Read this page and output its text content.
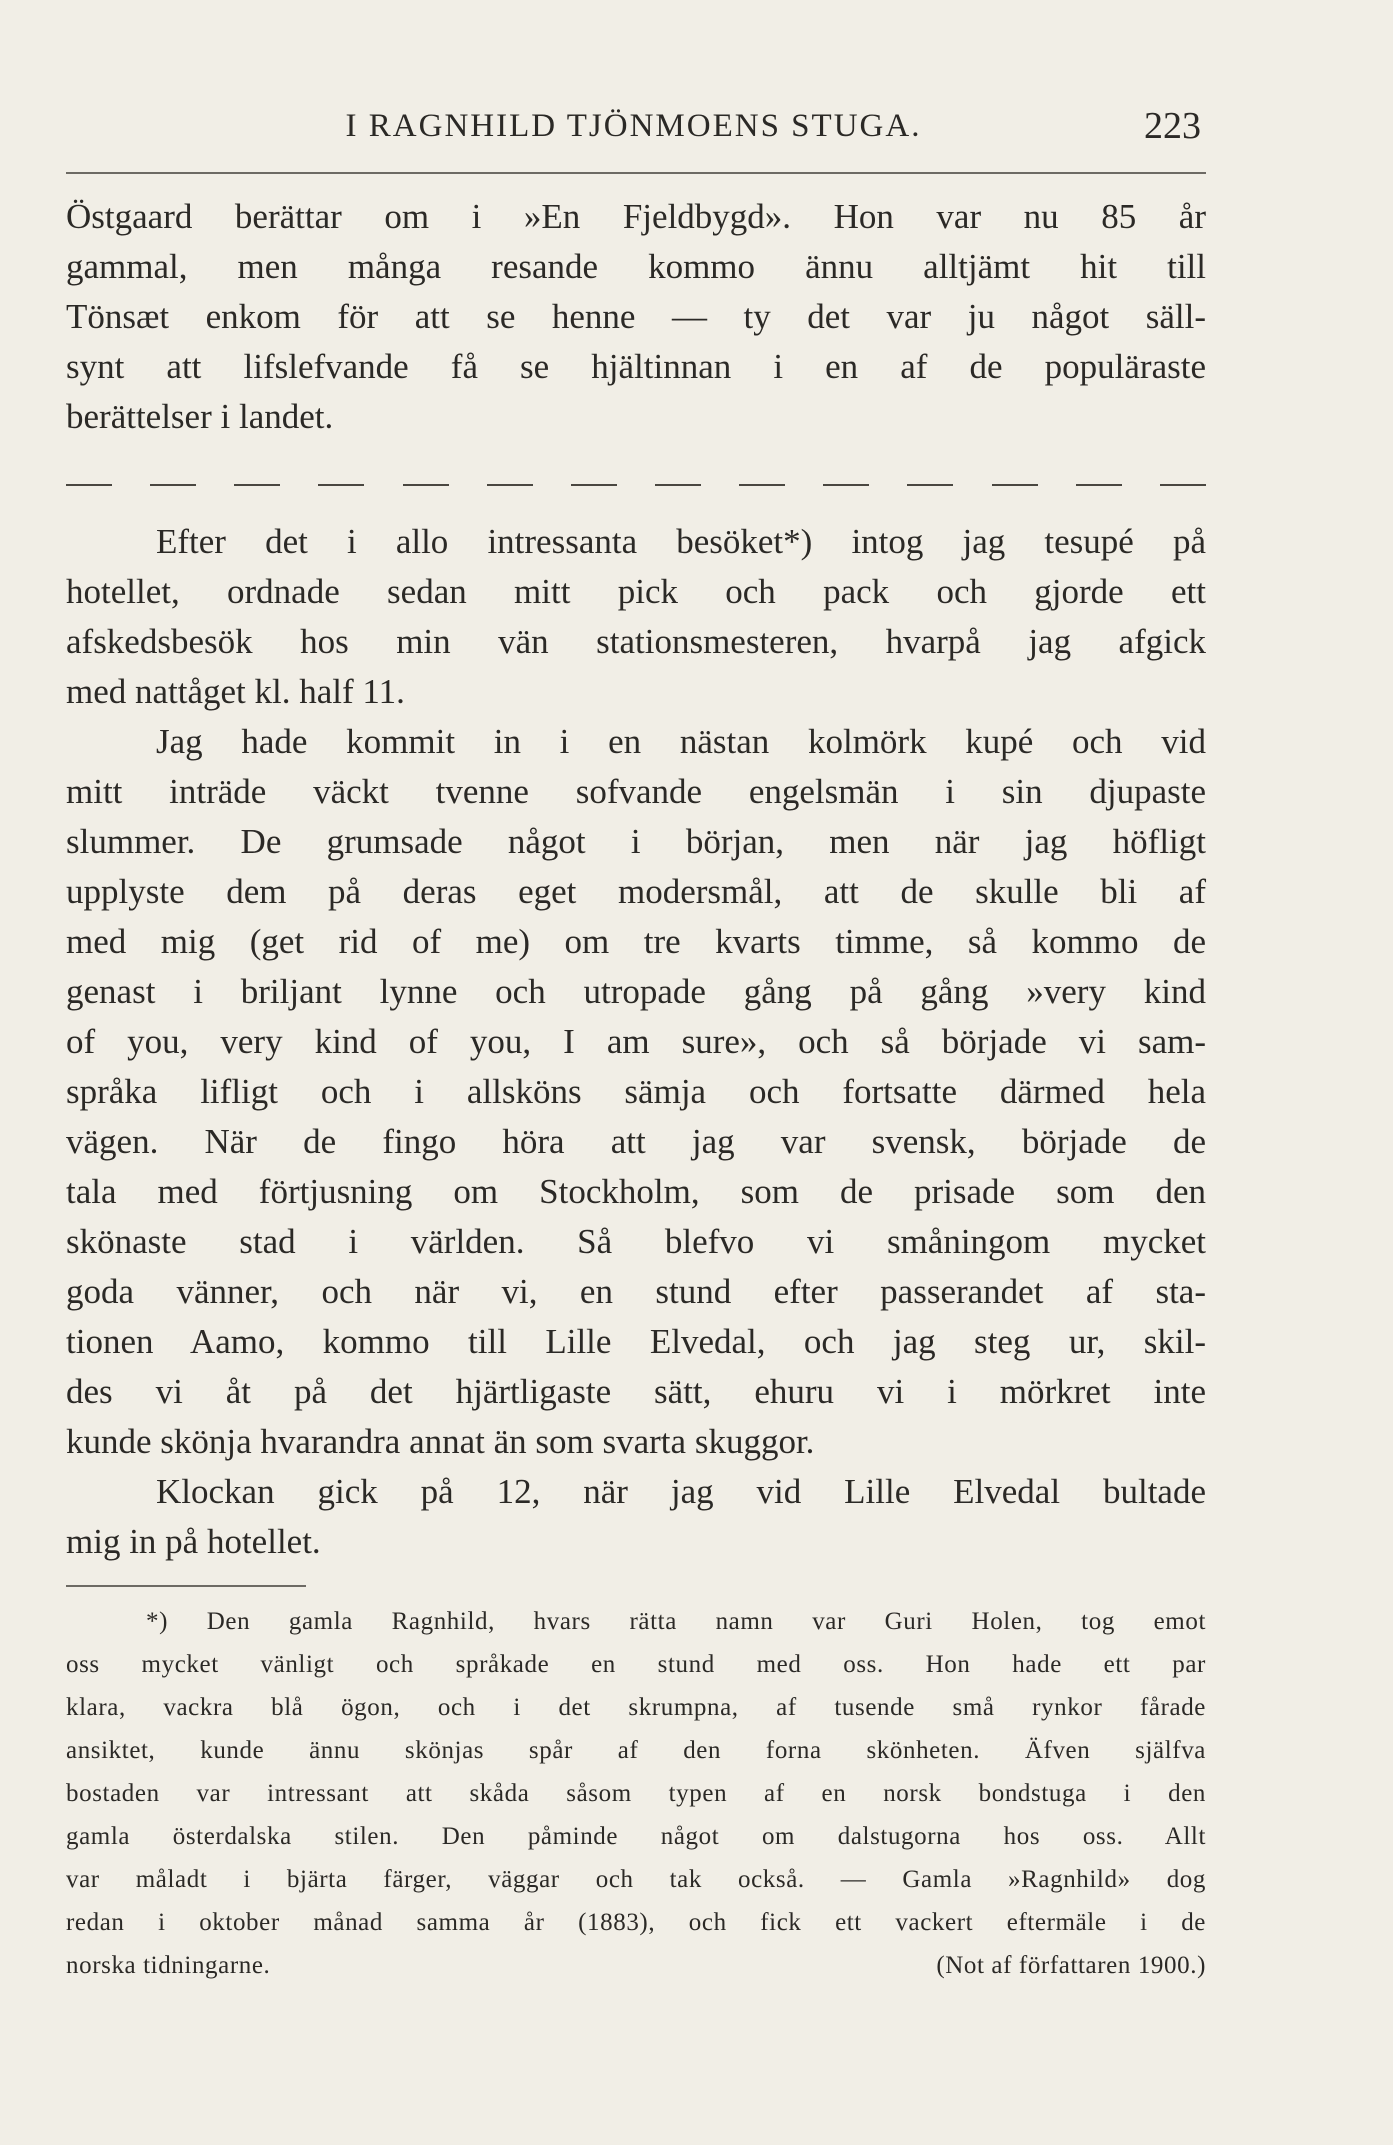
I RAGNHILD TJÖNMOENS STUGA.	223
Östgaard berättar om i »En Fjeldbygd». Hon var nu 85 år
gammal, men många resande kommo ännu alltjämt hit till
Tönsæt enkom för att se henne — ty det var ju något säll-
synt att lifslefvande få se hjältinnan i en af de populäraste
berättelser i landet.
Efter det i allo intressanta besöket*) intog jag tesupé på
hotellet, ordnade sedan mitt pick och pack och gjorde ett
afskedsbesök hos min vän stationsmesteren, hvarpå jag afgick
med nattåget kl. half 11.
Jag hade kommit in i en nästan kolmörk kupé och vid
mitt inträde väckt tvenne sofvande engelsmän i sin djupaste
slummer. De grumsade något i början, men när jag höfligt
upplyste dem på deras eget modersmål, att de skulle bli af
med mig (get rid of me) om tre kvarts timme, så kommo de
genast i briljant lynne och utropade gång på gång »very kind
of you, very kind of you, I am sure», och så började vi sam-
språka lifligt och i allsköns sämja och fortsatte därmed hela
vägen. När de fingo höra att jag var svensk, började de
tala med förtjusning om Stockholm, som de prisade som den
skönaste stad i världen. Så blefvo vi småningom mycket
goda vänner, och när vi, en stund efter passerandet af sta-
tionen Aamo, kommo till Lille Elvedal, och jag steg ur, skil-
des vi åt på det hjärtligaste sätt, ehuru vi i mörkret inte
kunde skönja hvarandra annat än som svarta skuggor.
Klockan gick på 12, när jag vid Lille Elvedal bultade
mig in på hotellet.
*) Den gamla Ragnhild, hvars rätta namn var Guri Holen, tog emot
oss mycket vänligt och språkade en stund med oss. Hon hade ett par
klara, vackra blå ögon, och i det skrumpna, af tusende små rynkor fårade
ansiktet, kunde ännu skönjas spår af den forna skönheten. Äfven själfva
bostaden var intressant att skåda såsom typen af en norsk bondstuga i den
gamla österdalska stilen. Den påminde något om dalstugorna hos oss. Allt
var måladt i bjärta färger, väggar och tak också. — Gamla »Ragnhild» dog
redan i oktober månad samma år (1883), och fick ett vackert eftermäle i de
norska tidningarne.	(Not af författaren 1900.)
